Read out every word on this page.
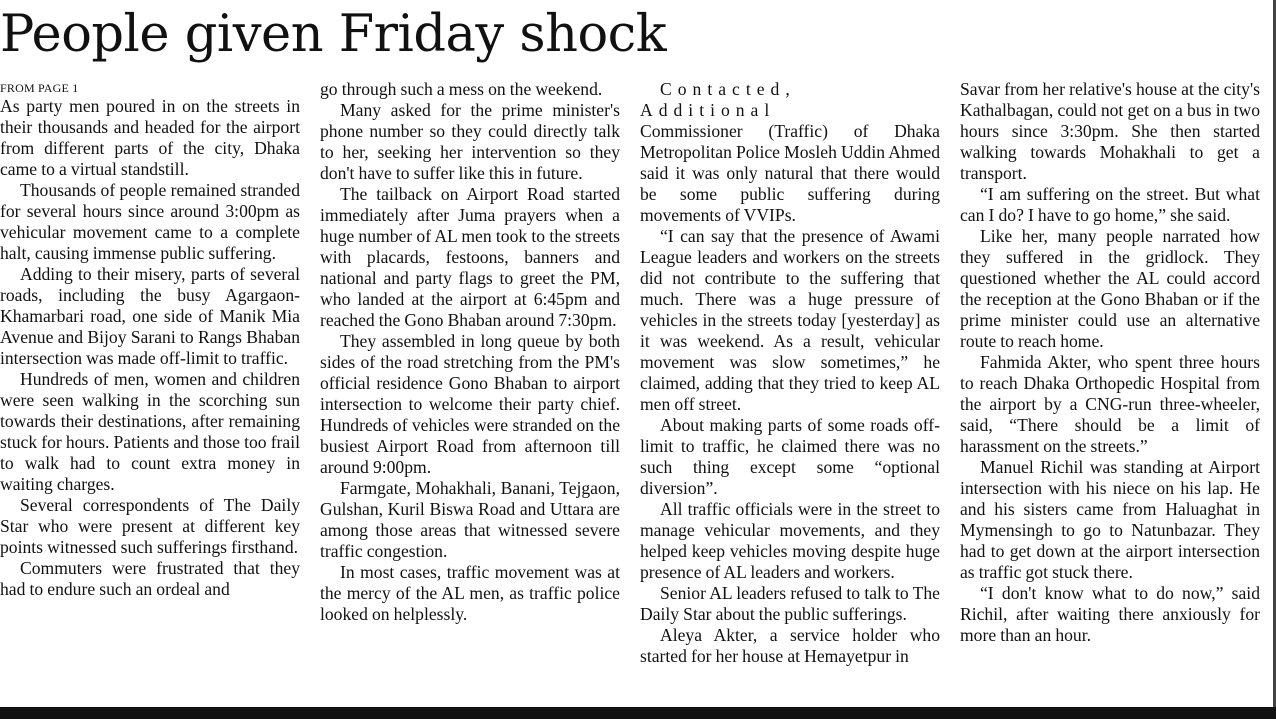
People given Friday shock
FROM PAGE 1

As party men poured in on the streets in their thousands and headed for the airport from different parts of the city, Dhaka came to a virtual standstill.

Thousands of people remained stranded for several hours since around 3:00pm as vehicular movement came to a complete halt, causing immense public suffering.

Adding to their misery, parts of several roads, including the busy Agargaon-Khamarbari road, one side of Manik Mia Avenue and Bijoy Sarani to Rangs Bhaban intersection was made off-limit to traffic.

Hundreds of men, women and children were seen walking in the scorching sun towards their destinations, after remaining stuck for hours. Patients and those too frail to walk had to count extra money in waiting charges.

Several correspondents of The Daily Star who were present at different key points witnessed such sufferings firsthand.

Commuters were frustrated that they had to endure such an ordeal and

go through such a mess on the weekend.

Many asked for the prime minister's phone number so they could directly talk to her, seeking her intervention so they don't have to suffer like this in future.

The tailback on Airport Road started immediately after Juma prayers when a huge number of AL men took to the streets with placards, festoons, banners and national and party flags to greet the PM, who landed at the airport at 6:45pm and reached the Gono Bhaban around 7:30pm.

They assembled in long queue by both sides of the road stretching from the PM's official residence Gono Bhaban to airport intersection to welcome their party chief. Hundreds of vehicles were stranded on the busiest Airport Road from afternoon till around 9:00pm.

Farmgate, Mohakhali, Banani, Tejgaon, Gulshan, Kuril Biswa Road and Uttara are among those areas that witnessed severe traffic congestion.

In most cases, traffic movement was at the mercy of the AL men, as traffic police looked on helplessly.

Contacted, Additional

Commissioner (Traffic) of Dhaka Metropolitan Police Mosleh Uddin Ahmed said it was only natural that there would be some public suffering during movements of VVIPs.

“I can say that the presence of Awami League leaders and workers on the streets did not contribute to the suffering that much. There was a huge pressure of vehicles in the streets today [yesterday] as it was weekend. As a result, vehicular movement was slow sometimes,” he claimed, adding that they tried to keep AL men off street.

About making parts of some roads off-limit to traffic, he claimed there was no such thing except some “optional diversion”.

All traffic officials were in the street to manage vehicular movements, and they helped keep vehicles moving despite huge presence of AL leaders and workers.

Senior AL leaders refused to talk to The Daily Star about the public sufferings.

Aleya Akter, a service holder who started for her house at Hemayetpur in

Savar from her relative's house at the city's Kathalbagan, could not get on a bus in two hours since 3:30pm. She then started walking towards Mohakhali to get a transport.

“I am suffering on the street. But what can I do? I have to go home,” she said.

Like her, many people narrated how they suffered in the gridlock. They questioned whether the AL could accord the reception at the Gono Bhaban or if the prime minister could use an alternative route to reach home.

Fahmida Akter, who spent three hours to reach Dhaka Orthopedic Hospital from the airport by a CNG-run three-wheeler, said, “There should be a limit of harassment on the streets.”

Manuel Richil was standing at Airport intersection with his niece on his lap. He and his sisters came from Haluaghat in Mymensingh to go to Natunbazar. They had to get down at the airport intersection as traffic got stuck there.

“I don't know what to do now,” said Richil, after waiting there anxiously for more than an hour.
